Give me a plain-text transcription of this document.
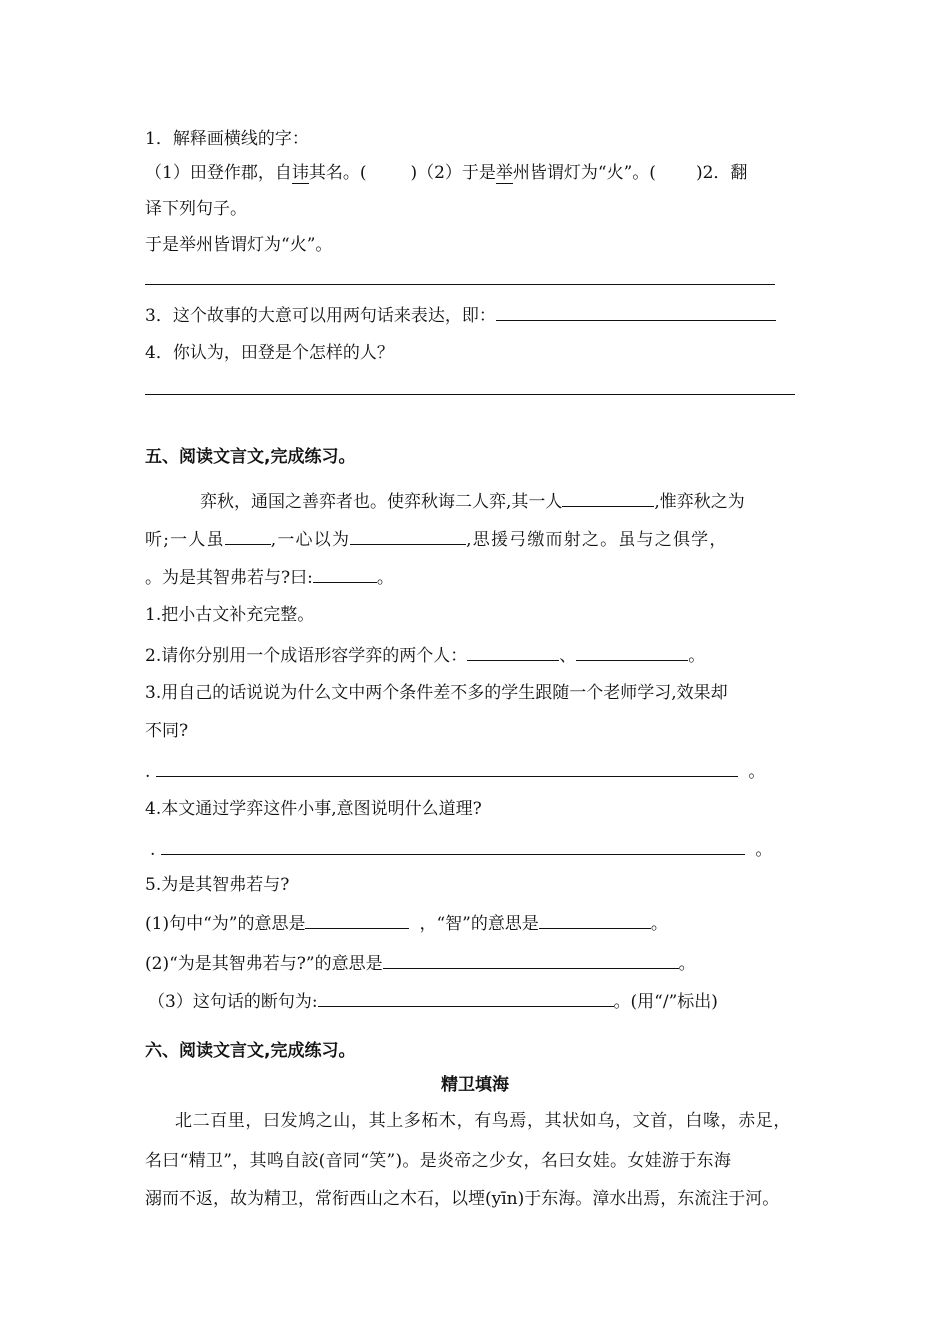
1．解释画横线的字：
（1）田登作郡，自讳其名。(	)（2）于是举州皆谓灯为“火”。( )2．翻
译下列句子。
于是举州皆谓灯为“火”。
3．这个故事的大意可以用两句话来表达，即：
4．你认为，田登是个怎样的人？
五、阅读文言文,完成练习。
弈秋，通国之善弈者也。使弈秋诲二人弈,其一人	,惟弈秋之为
听;一人虽	,一心以为	,思援弓缴而射之。虽与之俱学，
。为是其智弗若与?曰:	。
1.把小古文补充完整。
2.请你分别用一个成语形容学弈的两个人：	、	。
3.用自己的话说说为什么文中两个条件差不多的学生跟随一个老师学习,效果却
不同?
.	。
4.本文通过学弈这件小事,意图说明什么道理?
.	。
5.为是其智弗若与?
(1)句中“为”的意思是	，“智”的意思是	。
(2)“为是其智弗若与?”的意思是	。
（3）这句话的断句为:	。(用“/”标出)
六、阅读文言文,完成练习。
精卫填海
北二百里，曰发鸠之山，其上多柘木，有鸟焉，其状如乌，文首，白喙，赤足，
名曰“精卫”，其鸣自詨(音同“笑”)。是炎帝之少女，名曰女娃。女娃游于东海
溺而不返，故为精卫，常衔西山之木石，以堙(yīn)于东海。漳水出焉，东流注于河。
